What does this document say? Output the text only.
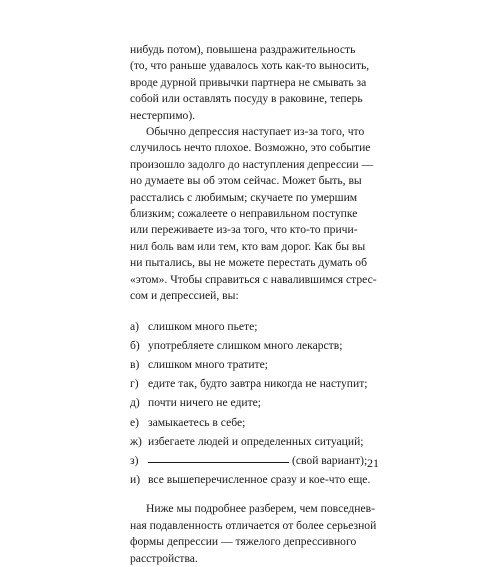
нибудь потом), повышена раздражительность
(то, что раньше удавалось хоть как-то выносить,
вроде дурной привычки партнера не смывать за
собой или оставлять посуду в раковине, теперь
нестерпимо).

Обычно депрессия наступает из-за того, что
случилось нечто плохое. Возможно, это событие
произошло задолго до наступления депрессии —
но думаете вы об этом сейчас. Может быть, вы
расстались с любимым; скучаете по умершим
близким; сожалеете о неправильном поступке
или переживаете из-за того, что кто-то причи-
нил боль вам или тем, кто вам дорог. Как бы вы
ни пытались, вы не можете перестать думать об
«этом». Чтобы справиться с навалившимся стрес-
сом и депрессией, вы:

а) слишком много пьете;
б) употребляете слишком много лекарств;
в) слишком много тратите;
г) едите так, будто завтра никогда не наступит;
д) почти ничего не едите;
е) замыкаетесь в себе;
ж) избегаете людей и определенных ситуаций;
з)	(свой вариант);
и) все вышеперечисленное сразу и кое-что еще.

Ниже мы подробнее разберем, чем повседнев-
ная подавленность отличается от более серьезной
формы депрессии — тяжелого депрессивного
расстройства.

21
